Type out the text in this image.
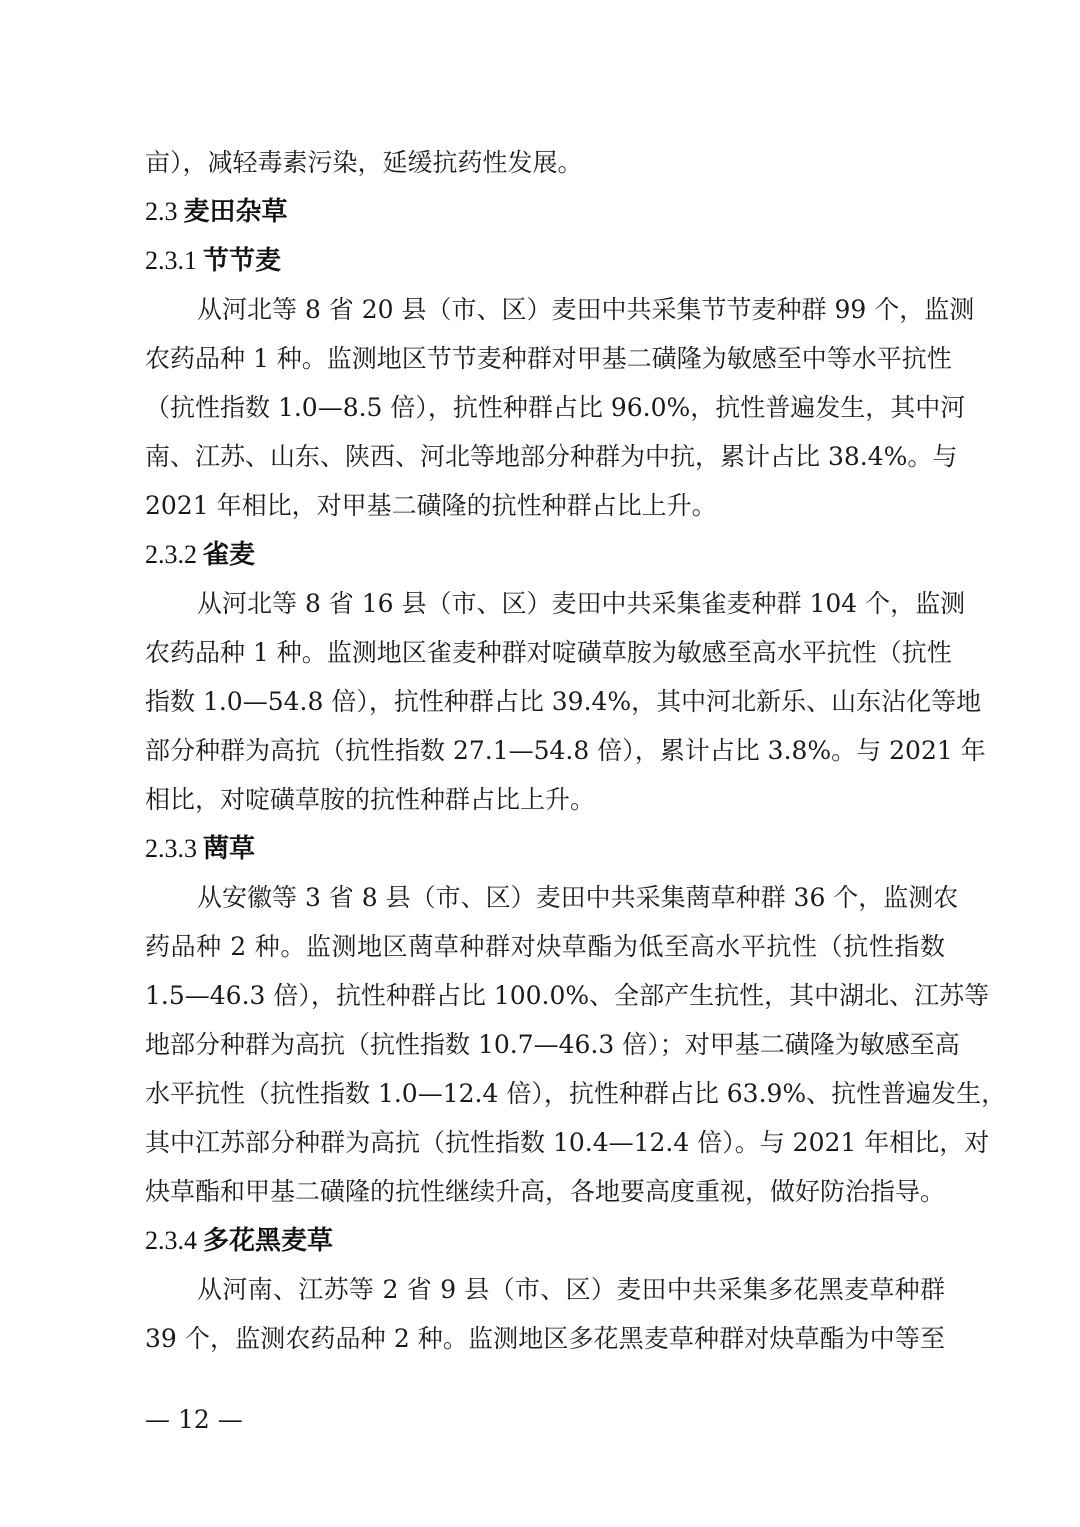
亩），减轻毒素污染，延缓抗药性发展。
2.3 麦田杂草
2.3.1 节节麦
从河北等 8 省 20 县（市、区）麦田中共采集节节麦种群 99 个，监测
农药品种 1 种。监测地区节节麦种群对甲基二磺隆为敏感至中等水平抗性
（抗性指数 1.0—8.5 倍），抗性种群占比 96.0%，抗性普遍发生，其中河
南、江苏、山东、陕西、河北等地部分种群为中抗，累计占比 38.4%。与
2021 年相比，对甲基二磺隆的抗性种群占比上升。
2.3.2 雀麦
从河北等 8 省 16 县（市、区）麦田中共采集雀麦种群 104 个，监测
农药品种 1 种。监测地区雀麦种群对啶磺草胺为敏感至高水平抗性（抗性
指数 1.0—54.8 倍），抗性种群占比 39.4%，其中河北新乐、山东沾化等地
部分种群为高抗（抗性指数 27.1—54.8 倍），累计占比 3.8%。与 2021 年
相比，对啶磺草胺的抗性种群占比上升。
2.3.3 菵草
从安徽等 3 省 8 县（市、区）麦田中共采集菵草种群 36 个，监测农
药品种 2 种。监测地区菵草种群对炔草酯为低至高水平抗性（抗性指数
1.5—46.3 倍），抗性种群占比 100.0%、全部产生抗性，其中湖北、江苏等
地部分种群为高抗（抗性指数 10.7—46.3 倍）；对甲基二磺隆为敏感至高
水平抗性（抗性指数 1.0—12.4 倍），抗性种群占比 63.9%、抗性普遍发生，
其中江苏部分种群为高抗（抗性指数 10.4—12.4 倍）。与 2021 年相比，对
炔草酯和甲基二磺隆的抗性继续升高，各地要高度重视，做好防治指导。
2.3.4 多花黑麦草
从河南、江苏等 2 省 9 县（市、区）麦田中共采集多花黑麦草种群
39 个，监测农药品种 2 种。监测地区多花黑麦草种群对炔草酯为中等至
— 12 —
